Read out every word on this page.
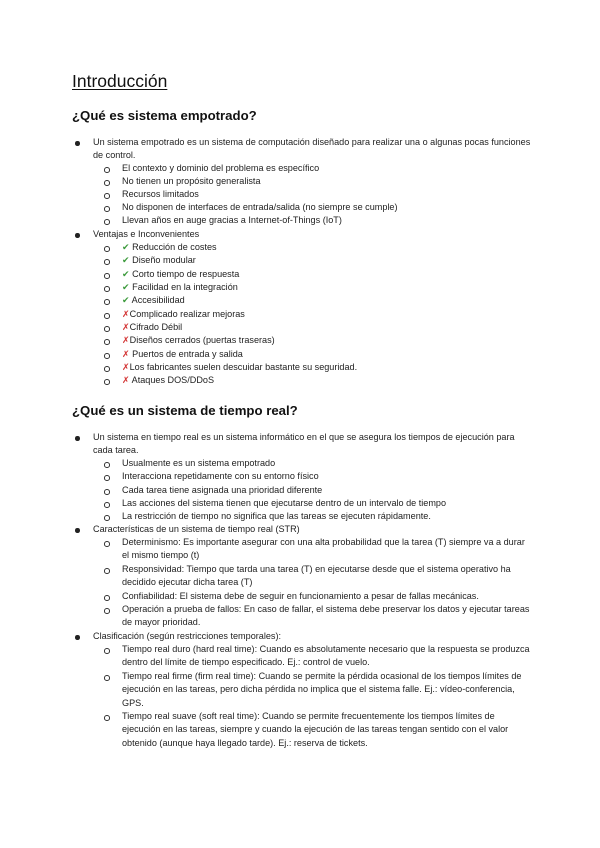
Introducción
¿Qué es sistema empotrado?
Un sistema empotrado es un sistema de computación diseñado para realizar una o algunas pocas funciones de control.
El contexto y dominio del problema es específico
No tienen un propósito generalista
Recursos limitados
No disponen de interfaces de entrada/salida (no siempre se cumple)
Llevan años en auge gracias a Internet-of-Things (IoT)
Ventajas e Inconvenientes
✔ Reducción de costes
✔ Diseño modular
✔ Corto tiempo de respuesta
✔ Facilidad en la integración
✔ Accesibilidad
✗Complicado realizar mejoras
✗Cifrado Débil
✗Diseños cerrados (puertas traseras)
✗ Puertos de entrada y salida
✗Los fabricantes suelen descuidar bastante su seguridad.
✗ Ataques DOS/DDoS
¿Qué es un sistema de tiempo real?
Un sistema en tiempo real es un sistema informático en el que se asegura los tiempos de ejecución para cada tarea.
Usualmente es un sistema empotrado
Interacciona repetidamente con su entorno físico
Cada tarea tiene asignada una prioridad diferente
Las acciones del sistema tienen que ejecutarse dentro de un intervalo de tiempo
La restricción de tiempo no significa que las tareas se ejecuten rápidamente.
Características de un sistema de tiempo real (STR)
Determinismo: Es importante asegurar con una alta probabilidad que la tarea (T) siempre va a durar el mismo tiempo (t)
Responsividad: Tiempo que tarda una tarea (T) en ejecutarse desde que el sistema operativo ha decidido ejecutar dicha tarea (T)
Confiabilidad: El sistema debe de seguir en funcionamiento a pesar de fallas mecánicas.
Operación a prueba de fallos: En caso de fallar, el sistema debe preservar los datos y ejecutar tareas de mayor prioridad.
Clasificación (según restricciones temporales):
Tiempo real duro (hard real time): Cuando es absolutamente necesario que la respuesta se produzca dentro del límite de tiempo especificado. Ej.: control de vuelo.
Tiempo real firme (firm real time): Cuando se permite la pérdida ocasional de los tiempos límites de ejecución en las tareas, pero dicha pérdida no implica que el sistema falle. Ej.: vídeo-conferencia, GPS.
Tiempo real suave (soft real time): Cuando se permite frecuentemente los tiempos límites de ejecución en las tareas, siempre y cuando la ejecución de las tareas tengan sentido con el valor obtenido (aunque haya llegado tarde). Ej.: reserva de tickets.
